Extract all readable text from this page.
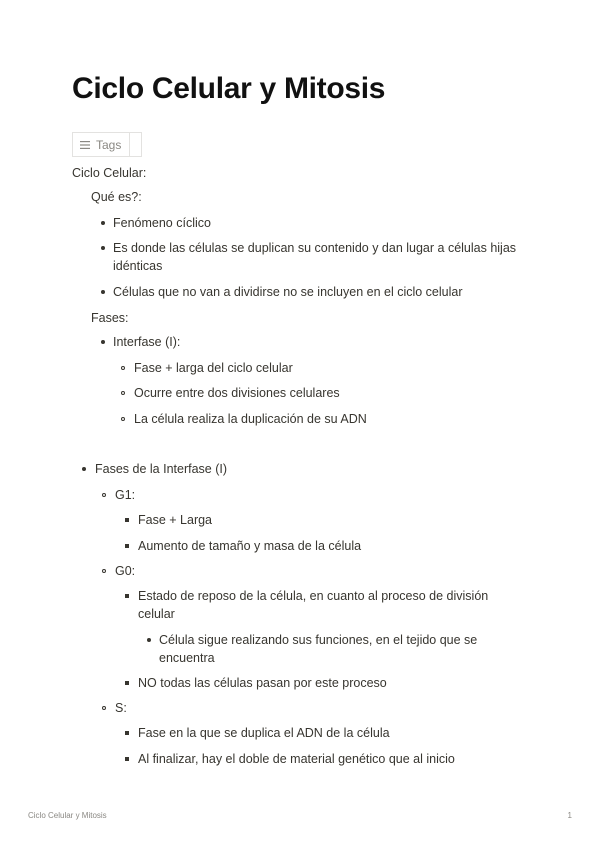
Ciclo Celular y Mitosis
Tags
Ciclo Celular:
Qué es?:
Fenómeno cíclico
Es donde las células se duplican su contenido y dan lugar a células hijas idénticas
Células que no van a dividirse no se incluyen en el ciclo celular
Fases:
Interfase (I):
Fase + larga del ciclo celular
Ocurre entre dos divisiones celulares
La célula realiza la duplicación de su ADN
Fases de la Interfase (I)
G1:
Fase + Larga
Aumento de tamaño y masa de la célula
G0:
Estado de reposo de la célula, en cuanto al proceso de división celular
Célula sigue realizando sus funciones, en el tejido que se encuentra
NO todas las células pasan por este proceso
S:
Fase en la que se duplica el ADN de la célula
Al finalizar, hay el doble de material genético que al inicio
Ciclo Celular y Mitosis	1
